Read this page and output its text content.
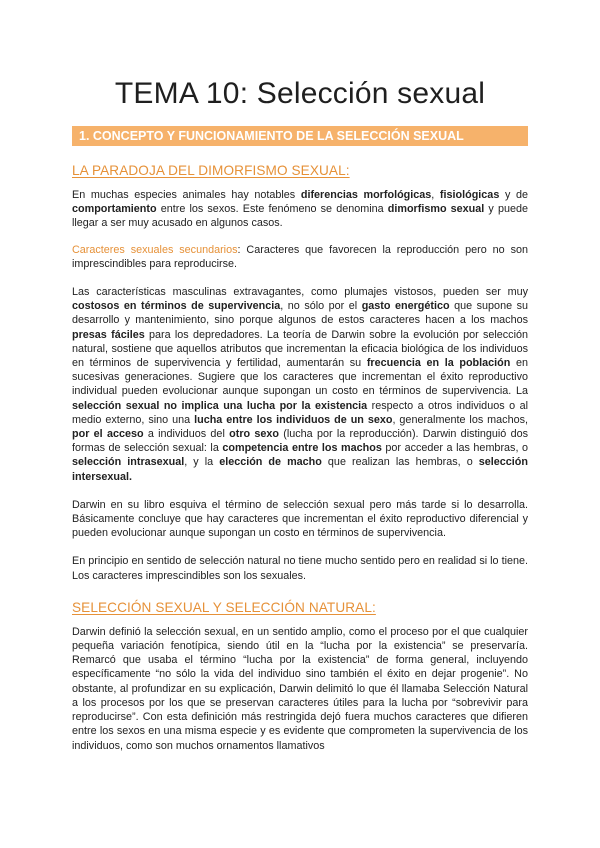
TEMA 10: Selección sexual
1. CONCEPTO Y FUNCIONAMIENTO DE LA SELECCIÓN SEXUAL
LA PARADOJA DEL DIMORFISMO SEXUAL:

En muchas especies animales hay notables diferencias morfológicas, fisiológicas y de comportamiento entre los sexos. Este fenómeno se denomina dimorfismo sexual y puede llegar a ser muy acusado en algunos casos.

Caracteres sexuales secundarios: Caracteres que favorecen la reproducción pero no son imprescindibles para reproducirse.

Las características masculinas extravagantes, como plumajes vistosos, pueden ser muy costosos en términos de supervivencia, no sólo por el gasto energético que supone su desarrollo y mantenimiento, sino porque algunos de estos caracteres hacen a los machos presas fáciles para los depredadores. La teoría de Darwin sobre la evolución por selección natural, sostiene que aquellos atributos que incrementan la eficacia biológica de los individuos en términos de supervivencia y fertilidad, aumentarán su frecuencia en la población en sucesivas generaciones. Sugiere que los caracteres que incrementan el éxito reproductivo individual pueden evolucionar aunque supongan un costo en términos de supervivencia. La selección sexual no implica una lucha por la existencia respecto a otros individuos o al medio externo, sino una lucha entre los individuos de un sexo, generalmente los machos, por el acceso a individuos del otro sexo (lucha por la reproducción). Darwin distinguió dos formas de selección sexual: la competencia entre los machos por acceder a las hembras, o selección intrasexual, y la elección de macho que realizan las hembras, o selección intersexual.

Darwin en su libro esquiva el término de selección sexual pero más tarde si lo desarrolla. Básicamente concluye que hay caracteres que incrementan el éxito reproductivo diferencial y pueden evolucionar aunque supongan un costo en términos de supervivencia.

En principio en sentido de selección natural no tiene mucho sentido pero en realidad si lo tiene. Los caracteres imprescindibles son los sexuales.

SELECCIÓN SEXUAL Y SELECCIÓN NATURAL:

Darwin definió la selección sexual, en un sentido amplio, como el proceso por el que cualquier pequeña variación fenotípica, siendo útil en la “lucha por la existencia” se preservaría. Remarcó que usaba el término “lucha por la existencia” de forma general, incluyendo específicamente “no sólo la vida del individuo sino también el éxito en dejar progenie”. No obstante, al profundizar en su explicación, Darwin delimitó lo que él llamaba Selección Natural a los procesos por los que se preservan caracteres útiles para la lucha por “sobrevivir para reproducirse”. Con esta definición más restringida dejó fuera muchos caracteres que difieren entre los sexos en una misma especie y es evidente que comprometen la supervivencia de los individuos, como son muchos ornamentos llamativos
